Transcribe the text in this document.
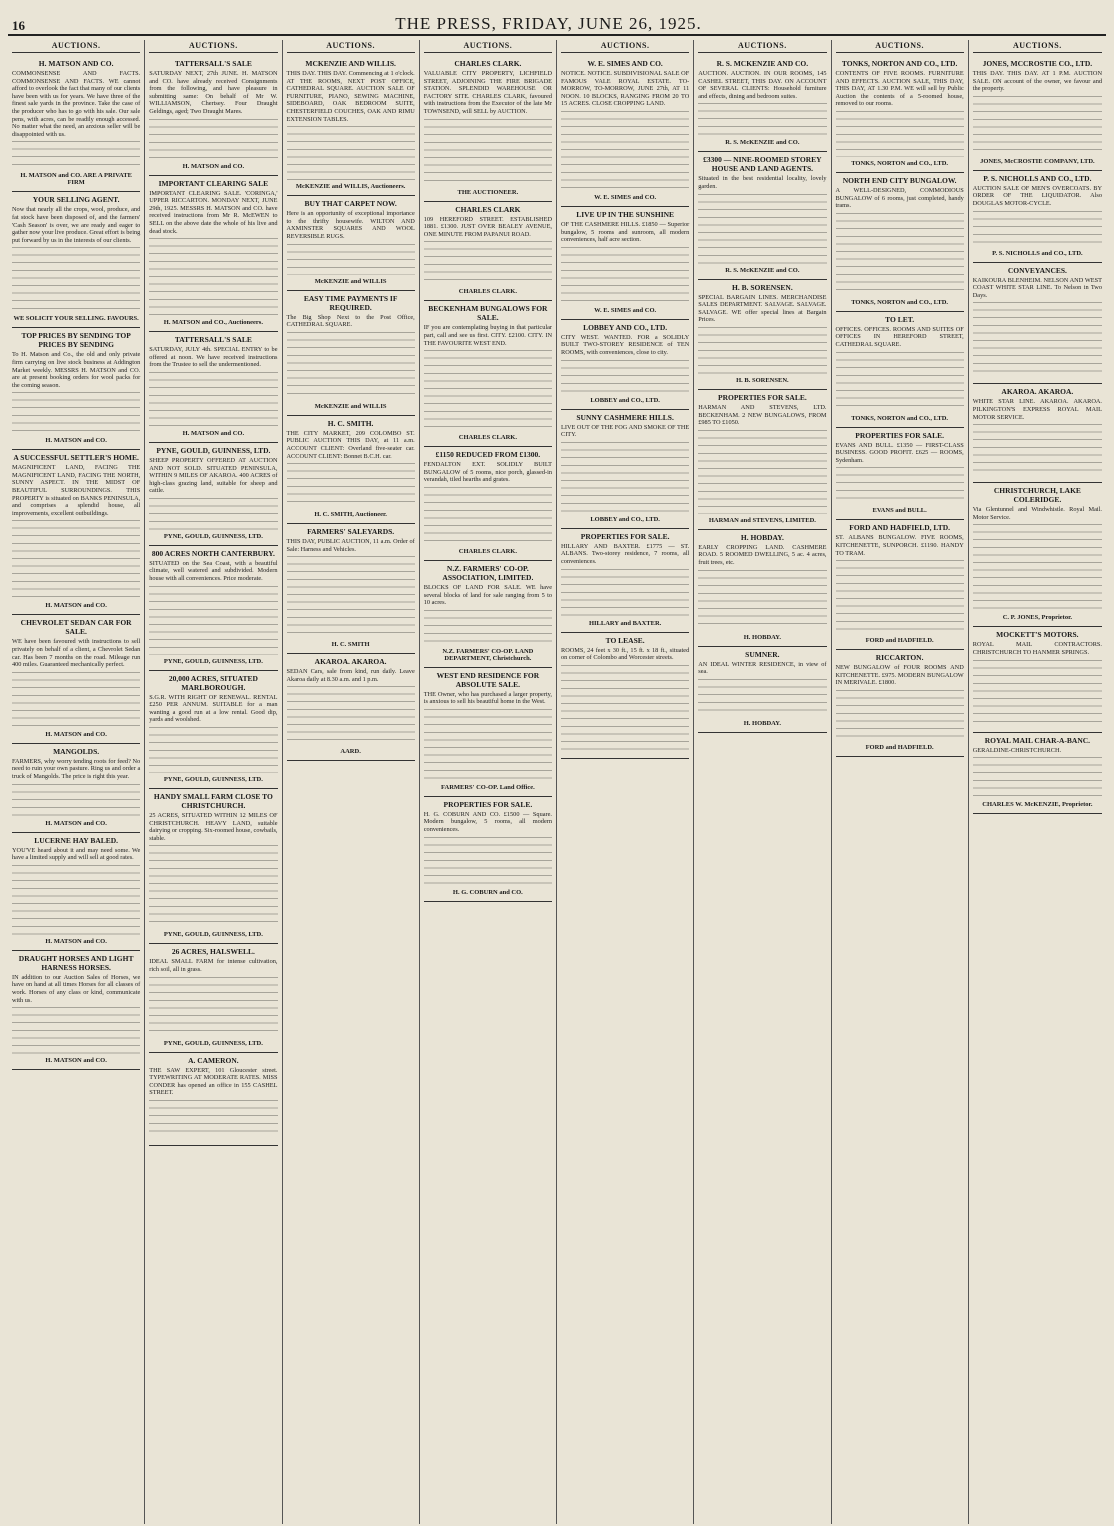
16	THE PRESS, FRIDAY, JUNE 26, 1925.
AUCTIONS.
H. MATSON AND CO.

COMMONSENSE AND FACTS. COMMONSENSE AND FACTS. WE cannot afford to overlook the fact that many of our clients have been with us for years. We have three of the finest sale yards in the province. Take the case of the producer who has to go with his sale. Our sale pens, with acres, can be readily enough accessed. No matter what the need, an anxious seller will be disappointed with us.

H. MATSON and CO. ARE A PRIVATE FIRM
YOUR SELLING AGENT.

Now that nearly all the crops, wool, produce, and fat stock have been disposed of, and the farmers' 'Cash Season' is over, we are ready and eager to gather now your live produce. Great effort is being put forward by us in the interests of our clients.

WE SOLICIT YOUR SELLING. FAVOURS.
TOP PRICES BY SENDING TOP PRICES BY SENDING

To H. Matson and Co., the old and only private firm carrying on live stock business at Addington Market weekly. MESSRS H. MATSON and CO. are at present booking orders for wool packs for the coming season.

H. MATSON and CO.
A SUCCESSFUL SETTLER'S HOME.

MAGNIFICENT LAND, FACING THE MAGNIFICENT LAND, FACING THE NORTH, SUNNY ASPECT. IN THE MIDST OF BEAUTIFUL SURROUNDINGS. THIS PROPERTY is situated on BANKS PENINSULA, and comprises a splendid house, all improvements, excellent outbuildings.

H. MATSON and CO.
CHEVROLET SEDAN CAR FOR SALE.

WE have been favoured with instructions to sell privately on behalf of a client, a Chevrolet Sedan car. Has been 7 months on the road. Mileage run 400 miles. Guaranteed mechanically perfect.

H. MATSON and CO.
MANGOLDS.

FARMERS, why worry tending roots for feed? No need to ruin your own pasture. Ring us and order a truck of Mangolds. The price is right this year.

H. MATSON and CO.
LUCERNE HAY BALED.

YOU'VE heard about it and may need some. We have a limited supply and will sell at good rates.

H. MATSON and CO.
DRAUGHT HORSES AND LIGHT HARNESS HORSES.

IN addition to our Auction Sales of Horses, we have on hand at all times Horses for all classes of work. Horses of any class or kind, communicate with us.

H. MATSON and CO.
AUCTIONS.
TATTERSALL'S SALE

SATURDAY NEXT, 27th JUNE. H. MATSON and CO. have already received Consignments from the following, and have pleasure in submitting same: On behalf of Mr W. WILLIAMSON, Chertsey. Four Draught Geldings, aged; Two Draught Mares.

H. MATSON and CO.
IMPORTANT CLEARING SALE

IMPORTANT CLEARING SALE. 'CORINGA,' UPPER RICCARTON. MONDAY NEXT, JUNE 29th, 1925. MESSRS H. MATSON and CO. have received instructions from Mr R. McEWEN to SELL on the above date the whole of his live and dead stock.

H. MATSON and CO., Auctioneers.
TATTERSALL'S SALE

SATURDAY, JULY 4th. SPECIAL ENTRY to be offered at noon. We have received instructions from the Trustee to sell the undermentioned.

H. MATSON and CO.
PYNE, GOULD, GUINNESS, LTD.

SHEEP PROPERTY OFFERED AT AUCTION AND NOT SOLD. SITUATED PENINSULA, WITHIN 9 MILES OF AKAROA. 400 ACRES of high-class grazing land, suitable for sheep and cattle.

PYNE, GOULD, GUINNESS, LTD.
800 ACRES NORTH CANTERBURY.

SITUATED on the Sea Coast, with a beautiful climate, well watered and subdivided. Modern house with all conveniences. Price moderate.

PYNE, GOULD, GUINNESS, LTD.
20,000 ACRES, SITUATED MARLBOROUGH.

S.G.R. WITH RIGHT OF RENEWAL. RENTAL £250 PER ANNUM. SUITABLE for a man wanting a good run at a low rental. Good dip, yards and woolshed.

PYNE, GOULD, GUINNESS, LTD.
HANDY SMALL FARM CLOSE TO CHRISTCHURCH.

25 ACRES, SITUATED WITHIN 12 MILES OF CHRISTCHURCH. HEAVY LAND, suitable dairying or cropping. Six-roomed house, cowbails, stable.

PYNE, GOULD, GUINNESS, LTD.
26 ACRES, HALSWELL.

IDEAL SMALL FARM for intense cultivation, rich soil, all in grass.

PYNE, GOULD, GUINNESS, LTD.
A. CAMERON.

THE SAW EXPERT, 101 Gloucester street. TYPEWRITING AT MODERATE RATES. MISS CONDER has opened an office in 155 CASHEL STREET.

AUCTIONS.
MCKENZIE AND WILLIS.

THIS DAY. THIS DAY. Commencing at 1 o'clock. AT THE ROOMS, NEXT POST OFFICE, CATHEDRAL SQUARE. AUCTION SALE OF FURNITURE, PIANO, SEWING MACHINE, SIDEBOARD, OAK BEDROOM SUITE, CHESTERFIELD COUCHES, OAK AND RIMU EXTENSION TABLES.

McKENZIE and WILLIS, Auctioneers.
BUY THAT CARPET NOW.

Here is an opportunity of exceptional importance to the thrifty housewife. WILTON AND AXMINSTER SQUARES AND WOOL REVERSIBLE RUGS.

McKENZIE and WILLIS
EASY TIME PAYMENTS IF REQUIRED.

The Big Shop Next to the Post Office, CATHEDRAL SQUARE.

McKENZIE and WILLIS
H. C. SMITH.

THE CITY MARKET, 209 COLOMBO ST. PUBLIC AUCTION THIS DAY, at 11 a.m. ACCOUNT CLIENT: Overland five-seater car. ACCOUNT CLIENT: Bonnet B.C.H. car.

H. C. SMITH, Auctioneer.
FARMERS' SALEYARDS.

THIS DAY, PUBLIC AUCTION, 11 a.m. Order of Sale: Harness and Vehicles.

H. C. SMITH
AKAROA. AKAROA.

SEDAN Cars, sale from kind, run daily. Leave Akaroa daily at 8.30 a.m. and 1 p.m.

AARD.
AUCTIONS.
CHARLES CLARK.

VALUABLE CITY PROPERTY, LICHFIELD STREET, ADJOINING THE FIRE BRIGADE STATION. SPLENDID WAREHOUSE OR FACTORY SITE. CHARLES CLARK, favoured with instructions from the Executor of the late Mr TOWNSEND, will SELL by AUCTION.

THE AUCTIONEER.
CHARLES CLARK

109 HEREFORD STREET. ESTABLISHED 1881. £1300. JUST OVER BEALEY AVENUE, ONE MINUTE FROM PAPANUI ROAD.

CHARLES CLARK.
BECKENHAM BUNGALOWS FOR SALE.

IF you are contemplating buying in that particular part, call and see us first. CITY. £2100. CITY. IN THE FAVOURITE WEST END.

CHARLES CLARK.
£1150 REDUCED FROM £1300.

FENDALTON EXT. SOLIDLY BUILT BUNGALOW of 5 rooms, nice porch, glassed-in verandah, tiled hearths and grates.

CHARLES CLARK.
N.Z. FARMERS' CO-OP. ASSOCIATION, LIMITED.

BLOCKS OF LAND FOR SALE. WE have several blocks of land for sale ranging from 5 to 10 acres.

N.Z. FARMERS' CO-OP. LAND DEPARTMENT, Christchurch.
WEST END RESIDENCE FOR ABSOLUTE SALE.

THE Owner, who has purchased a larger property, is anxious to sell his beautiful home in the West.

FARMERS' CO-OP. Land Office.
PROPERTIES FOR SALE.

H. G. COBURN AND CO. £1500 — Square. Modern bungalow, 5 rooms, all modern conveniences.

H. G. COBURN and CO.
AUCTIONS.
W. E. SIMES AND CO.

NOTICE. NOTICE. SUBDIVISIONAL SALE OF FAMOUS VALE ROYAL ESTATE. TO-MORROW, TO-MORROW, JUNE 27th, AT 11 NOON. 10 BLOCKS, RANGING FROM 20 TO 15 ACRES. CLOSE CROPPING LAND.

W. E. SIMES and CO.
LIVE UP IN THE SUNSHINE

OF THE CASHMERE HILLS. £1850 — Superior bungalow, 5 rooms and sunroom, all modern conveniences, half acre section.

W. E. SIMES and CO.
LOBBEY AND CO., LTD.

CITY WEST. WANTED. FOR a SOLIDLY BUILT TWO-STOREY RESIDENCE of TEN ROOMS, with conveniences, close to city.

LOBBEY and CO., LTD.
SUNNY CASHMERE HILLS.

LIVE OUT OF THE FOG AND SMOKE OF THE CITY.

LOBBEY and CO., LTD.
PROPERTIES FOR SALE.

HILLARY AND BAXTER. £1775 — ST. ALBANS. Two-storey residence, 7 rooms, all conveniences.

HILLARY and BAXTER.
TO LEASE.

ROOMS, 24 feet x 30 ft., 15 ft. x 18 ft., situated on corner of Colombo and Worcester streets.

AUCTIONS.
R. S. MCKENZIE AND CO.

AUCTION. AUCTION. IN OUR ROOMS, 145 CASHEL STREET, THIS DAY. ON ACCOUNT OF SEVERAL CLIENTS: Household furniture and effects, dining and bedroom suites.

R. S. McKENZIE and CO.
£3300 — NINE-ROOMED STOREY HOUSE AND LAND AGENTS.

Situated in the best residential locality, lovely garden.

R. S. McKENZIE and CO.
H. B. SORENSEN.

SPECIAL BARGAIN LINES. MERCHANDISE SALES DEPARTMENT. SALVAGE. SALVAGE. SALVAGE. WE offer special lines at Bargain Prices.

H. B. SORENSEN.
PROPERTIES FOR SALE.

HARMAN AND STEVENS, LTD. BECKENHAM. 2 NEW BUNGALOWS, FROM £985 TO £1050.

HARMAN and STEVENS, LIMITED.
H. HOBDAY.

EARLY CROPPING LAND. CASHMERE ROAD. 5 ROOMED DWELLING, 5 ac. 4 acres, fruit trees, etc.

H. HOBDAY.
SUMNER.

AN IDEAL WINTER RESIDENCE, in view of sea.

H. HOBDAY.
AUCTIONS.
TONKS, NORTON AND CO., LTD.

CONTENTS OF FIVE ROOMS. FURNITURE AND EFFECTS. AUCTION SALE, THIS DAY, THIS DAY, AT 1.30 P.M. WE will sell by Public Auction the contents of a 5-roomed house, removed to our rooms.

TONKS, NORTON and CO., LTD.
NORTH END CITY BUNGALOW.

A WELL-DESIGNED, COMMODIOUS BUNGALOW of 6 rooms, just completed, handy trams.

TONKS, NORTON and CO., LTD.
TO LET.

OFFICES. OFFICES. ROOMS AND SUITES OF OFFICES IN HEREFORD STREET, CATHEDRAL SQUARE.

TONKS, NORTON and CO., LTD.
PROPERTIES FOR SALE.

EVANS AND BULL. £1350 — FIRST-CLASS BUSINESS. GOOD PROFIT. £625 — ROOMS, Sydenham.

EVANS and BULL.
FORD AND HADFIELD, LTD.

ST. ALBANS BUNGALOW. FIVE ROOMS, KITCHENETTE, SUNPORCH. £1190. HANDY TO TRAM.

FORD and HADFIELD.
RICCARTON.

NEW BUNGALOW of FOUR ROOMS AND KITCHENETTE. £975. MODERN BUNGALOW IN MERIVALE. £1800.

FORD and HADFIELD.
AUCTIONS.
JONES, MCCROSTIE CO., LTD.

THIS DAY. THIS DAY. AT 1 P.M. AUCTION SALE. ON account of the owner, we favour and the property.

JONES, McCROSTIE COMPANY, LTD.
P. S. NICHOLLS AND CO., LTD.

AUCTION SALE OF MEN'S OVERCOATS. BY ORDER OF THE LIQUIDATOR. Also DOUGLAS MOTOR-CYCLE.

P. S. NICHOLLS and CO., LTD.
CONVEYANCES.

KAIKOURA BLENHEIM. NELSON AND WEST COAST WHITE STAR LINE. To Nelson in Two Days.

AKAROA. AKAROA.

WHITE STAR LINE. AKAROA. AKAROA. PILKINGTON'S EXPRESS ROYAL MAIL MOTOR SERVICE.

CHRISTCHURCH, LAKE COLERIDGE.

Via Glentunnel and Windwhistle. Royal Mail. Motor Service.

C. P. JONES, Proprietor.
MOCKETT'S MOTORS.

ROYAL MAIL CONTRACTORS. CHRISTCHURCH TO HANMER SPRINGS.

ROYAL MAIL CHAR-A-BANC.

GERALDINE-CHRISTCHURCH.

CHARLES W. McKENZIE, Proprietor.
